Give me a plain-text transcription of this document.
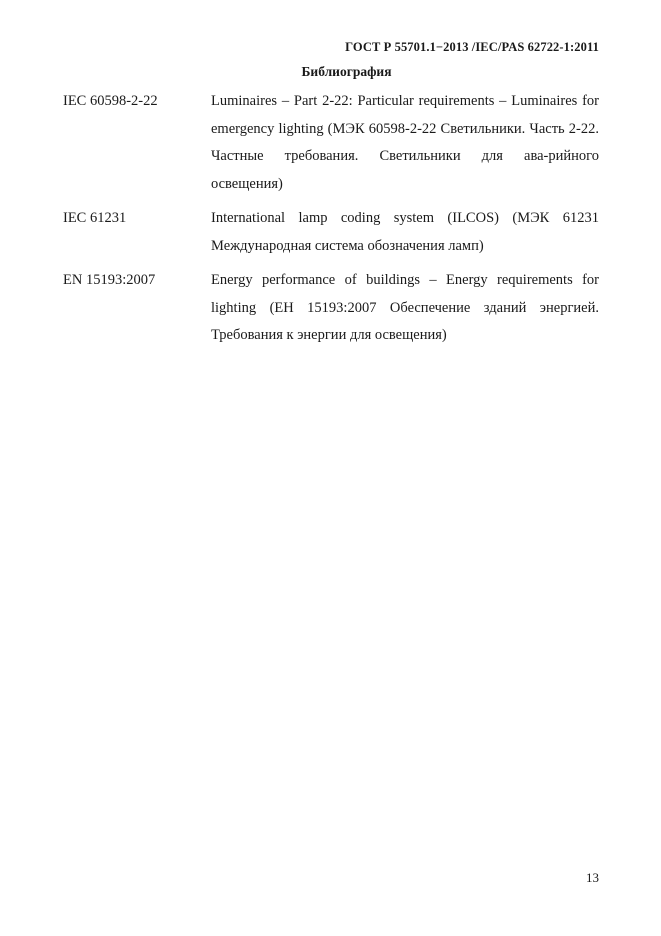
ГОСТ Р 55701.1−2013 /IEC/PAS 62722-1:2011
Библиография
IEC 60598-2-22	Luminaires – Part 2-22: Particular requirements – Luminaires for emergency lighting (МЭК 60598-2-22 Светильники. Часть 2-22. Частные требования. Светильники для ава-рийного освещения)
IEC 61231	International lamp coding system (ILCOS) (МЭК 61231 Международная система обозначения ламп)
EN 15193:2007	Energy performance of buildings – Energy requirements for lighting (ЕН 15193:2007 Обеспечение зданий энергией. Требования к энергии для освещения)
13
